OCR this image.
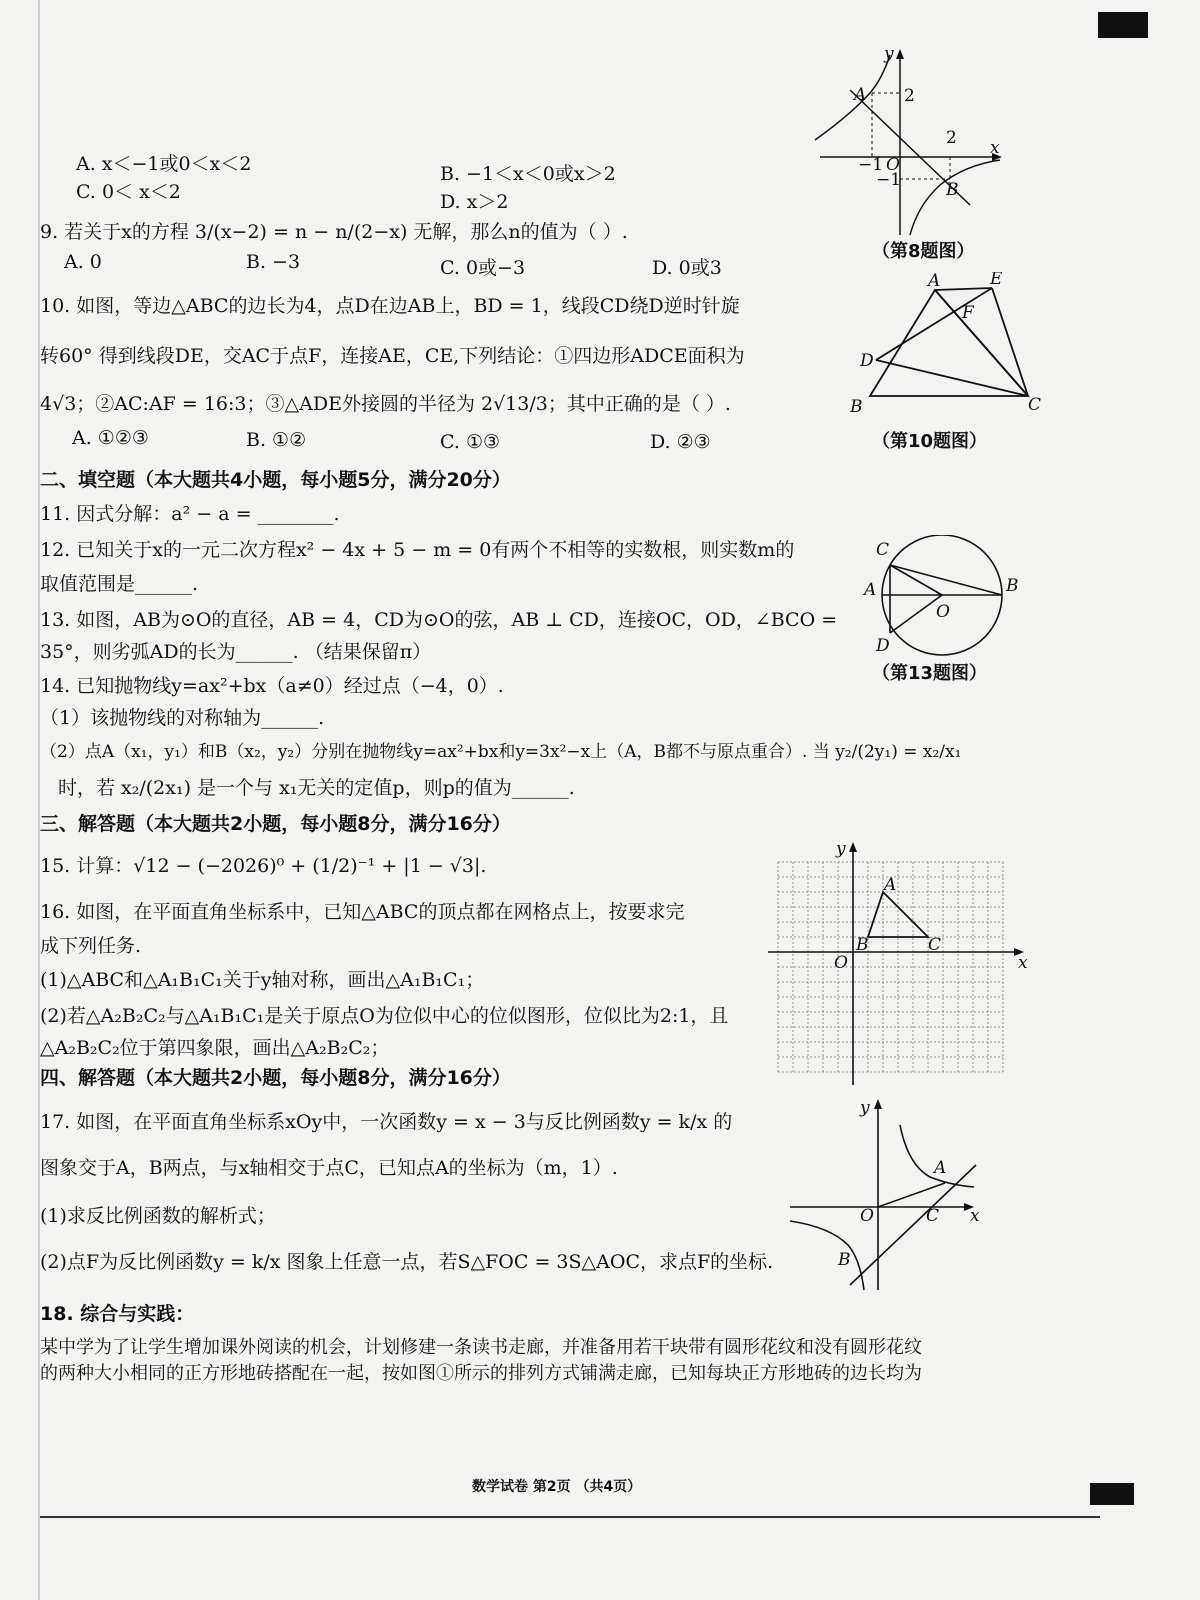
A. x＜−1或0＜x＜2	B. −1＜x＜0或x＞2
C. 0＜ x＜2	D. x＞2
9. 若关于x的方程 3/(x−2) = n − n/(2−x) 无解，那么n的值为（ ）.
A. 0	B. −3	C. 0或−3	D. 0或3
10. 如图，等边△ABC的边长为4，点D在边AB上，BD = 1，线段CD绕D逆时针旋
转60° 得到线段DE，交AC于点F，连接AE，CE,下列结论：①四边形ADCE面积为
4√3；②AC:AF = 16:3；③△ADE外接圆的半径为 2√13/3；其中正确的是（ ）.
A. ①②③	B. ①②	C. ①③	D. ②③
二、填空题（本大题共4小题，每小题5分，满分20分）
11. 因式分解：a² − a = ________.
12. 已知关于x的一元二次方程x² − 4x + 5 − m = 0有两个不相等的实数根，则实数m的
取值范围是______.
13. 如图，AB为⊙O的直径，AB = 4，CD为⊙O的弦，AB ⊥ CD，连接OC，OD，∠BCO =
35°，则劣弧AD的长为______. （结果保留π）
14. 已知抛物线y=ax²+bx（a≠0）经过点（−4，0）.
（1）该抛物线的对称轴为______.
（2）点A（x₁，y₁）和B（x₂，y₂）分别在抛物线y=ax²+bx和y=3x²−x上（A，B都不与原点重合）. 当 y₂/(2y₁) = x₂/x₁
时，若 x₂/(2x₁) 是一个与 x₁无关的定值p，则p的值为______.
三、解答题（本大题共2小题，每小题8分，满分16分）
15. 计算：√12 − (−2026)⁰ + (1/2)⁻¹ + |1 − √3|.
16. 如图，在平面直角坐标系中，已知△ABC的顶点都在网格点上，按要求完
成下列任务.
(1)△ABC和△A₁B₁C₁关于y轴对称，画出△A₁B₁C₁；
(2)若△A₂B₂C₂与△A₁B₁C₁是关于原点O为位似中心的位似图形，位似比为2:1，且
△A₂B₂C₂位于第四象限，画出△A₂B₂C₂；
四、解答题（本大题共2小题，每小题8分，满分16分）
17. 如图，在平面直角坐标系xOy中，一次函数y = x − 3与反比例函数y = k/x 的
图象交于A，B两点，与x轴相交于点C，已知点A的坐标为（m，1）.
(1)求反比例函数的解析式；
(2)点F为反比例函数y = k/x 图象上任意一点，若S△FOC = 3S△AOC，求点F的坐标.
18. 综合与实践：
某中学为了让学生增加课外阅读的机会，计划修建一条读书走廊，并准备用若干块带有圆形花纹和没有圆形花纹
的两种大小相同的正方形地砖搭配在一起，按如图①所示的排列方式铺满走廊，已知每块正方形地砖的边长均为
y
x
A
B
O
2
2
−1
−1
（第8题图）
A	E
F
D
B	C
（第10题图）
C
A	B
O
D
（第13题图）
y
x
O
A
B	C
y
x
O
A
B
C
数学试卷 第2页 （共4页）
